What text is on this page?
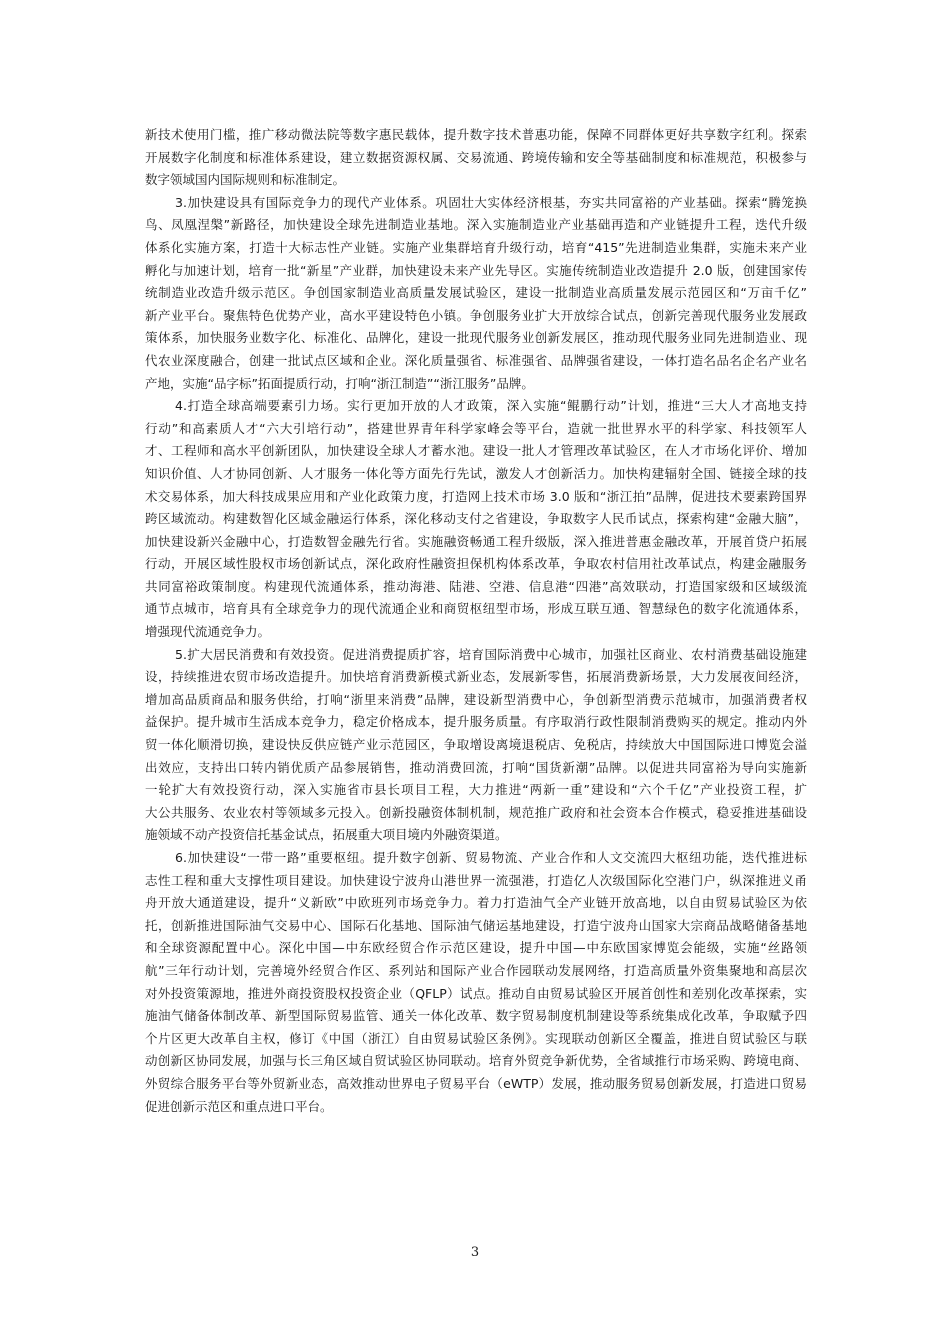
新技术使用门槛，推广移动微法院等数字惠民载体，提升数字技术普惠功能，保障不同群体更好共享数字红利。探索
开展数字化制度和标准体系建设，建立数据资源权属、交易流通、跨境传输和安全等基础制度和标准规范，积极参与
数字领域国内国际规则和标准制定。
3.加快建设具有国际竞争力的现代产业体系。巩固壮大实体经济根基，夯实共同富裕的产业基础。探索“腾笼换
鸟、凤凰涅槃”新路径，加快建设全球先进制造业基地。深入实施制造业产业基础再造和产业链提升工程，迭代升级
体系化实施方案，打造十大标志性产业链。实施产业集群培育升级行动，培育“415”先进制造业集群，实施未来产业
孵化与加速计划，培育一批“新星”产业群，加快建设未来产业先导区。实施传统制造业改造提升 2.0 版，创建国家传
统制造业改造升级示范区。争创国家制造业高质量发展试验区，建设一批制造业高质量发展示范园区和“万亩千亿”
新产业平台。聚焦特色优势产业，高水平建设特色小镇。争创服务业扩大开放综合试点，创新完善现代服务业发展政
策体系，加快服务业数字化、标准化、品牌化，建设一批现代服务业创新发展区，推动现代服务业同先进制造业、现
代农业深度融合，创建一批试点区域和企业。深化质量强省、标准强省、品牌强省建设，一体打造名品名企名产业名
产地，实施“品字标”拓面提质行动，打响“浙江制造”“浙江服务”品牌。
4.打造全球高端要素引力场。实行更加开放的人才政策，深入实施“鲲鹏行动”计划，推进“三大人才高地支持
行动”和高素质人才“六大引培行动”，搭建世界青年科学家峰会等平台，造就一批世界水平的科学家、科技领军人
才、工程师和高水平创新团队，加快建设全球人才蓄水池。建设一批人才管理改革试验区，在人才市场化评价、增加
知识价值、人才协同创新、人才服务一体化等方面先行先试，激发人才创新活力。加快构建辐射全国、链接全球的技
术交易体系，加大科技成果应用和产业化政策力度，打造网上技术市场 3.0 版和“浙江拍”品牌，促进技术要素跨国界
跨区域流动。构建数智化区域金融运行体系，深化移动支付之省建设，争取数字人民币试点，探索构建“金融大脑”，
加快建设新兴金融中心，打造数智金融先行省。实施融资畅通工程升级版，深入推进普惠金融改革，开展首贷户拓展
行动，开展区域性股权市场创新试点，深化政府性融资担保机构体系改革，争取农村信用社改革试点，构建金融服务
共同富裕政策制度。构建现代流通体系，推动海港、陆港、空港、信息港“四港”高效联动，打造国家级和区域级流
通节点城市，培育具有全球竞争力的现代流通企业和商贸枢纽型市场，形成互联互通、智慧绿色的数字化流通体系，
增强现代流通竞争力。
5.扩大居民消费和有效投资。促进消费提质扩容，培育国际消费中心城市，加强社区商业、农村消费基础设施建
设，持续推进农贸市场改造提升。加快培育消费新模式新业态，发展新零售，拓展消费新场景，大力发展夜间经济，
增加高品质商品和服务供给，打响“浙里来消费”品牌，建设新型消费中心，争创新型消费示范城市，加强消费者权
益保护。提升城市生活成本竞争力，稳定价格成本，提升服务质量。有序取消行政性限制消费购买的规定。推动内外
贸一体化顺滑切换，建设快反供应链产业示范园区，争取增设离境退税店、免税店，持续放大中国国际进口博览会溢
出效应，支持出口转内销优质产品参展销售，推动消费回流，打响“国货新潮”品牌。以促进共同富裕为导向实施新
一轮扩大有效投资行动，深入实施省市县长项目工程，大力推进“两新一重”建设和“六个千亿”产业投资工程，扩
大公共服务、农业农村等领域多元投入。创新投融资体制机制，规范推广政府和社会资本合作模式，稳妥推进基础设
施领域不动产投资信托基金试点，拓展重大项目境内外融资渠道。
6.加快建设“一带一路”重要枢纽。提升数字创新、贸易物流、产业合作和人文交流四大枢纽功能，迭代推进标
志性工程和重大支撑性项目建设。加快建设宁波舟山港世界一流强港，打造亿人次级国际化空港门户，纵深推进义甬
舟开放大通道建设，提升“义新欧”中欧班列市场竞争力。着力打造油气全产业链开放高地，以自由贸易试验区为依
托，创新推进国际油气交易中心、国际石化基地、国际油气储运基地建设，打造宁波舟山国家大宗商品战略储备基地
和全球资源配置中心。深化中国—中东欧经贸合作示范区建设，提升中国—中东欧国家博览会能级，实施“丝路领
航”三年行动计划，完善境外经贸合作区、系列站和国际产业合作园联动发展网络，打造高质量外资集聚地和高层次
对外投资策源地，推进外商投资股权投资企业（QFLP）试点。推动自由贸易试验区开展首创性和差别化改革探索，实
施油气储备体制改革、新型国际贸易监管、通关一体化改革、数字贸易制度机制建设等系统集成化改革，争取赋予四
个片区更大改革自主权，修订《中国（浙江）自由贸易试验区条例》。实现联动创新区全覆盖，推进自贸试验区与联
动创新区协同发展，加强与长三角区域自贸试验区协同联动。培育外贸竞争新优势，全省域推行市场采购、跨境电商、
外贸综合服务平台等外贸新业态，高效推动世界电子贸易平台（eWTP）发展，推动服务贸易创新发展，打造进口贸易
促进创新示范区和重点进口平台。
3
